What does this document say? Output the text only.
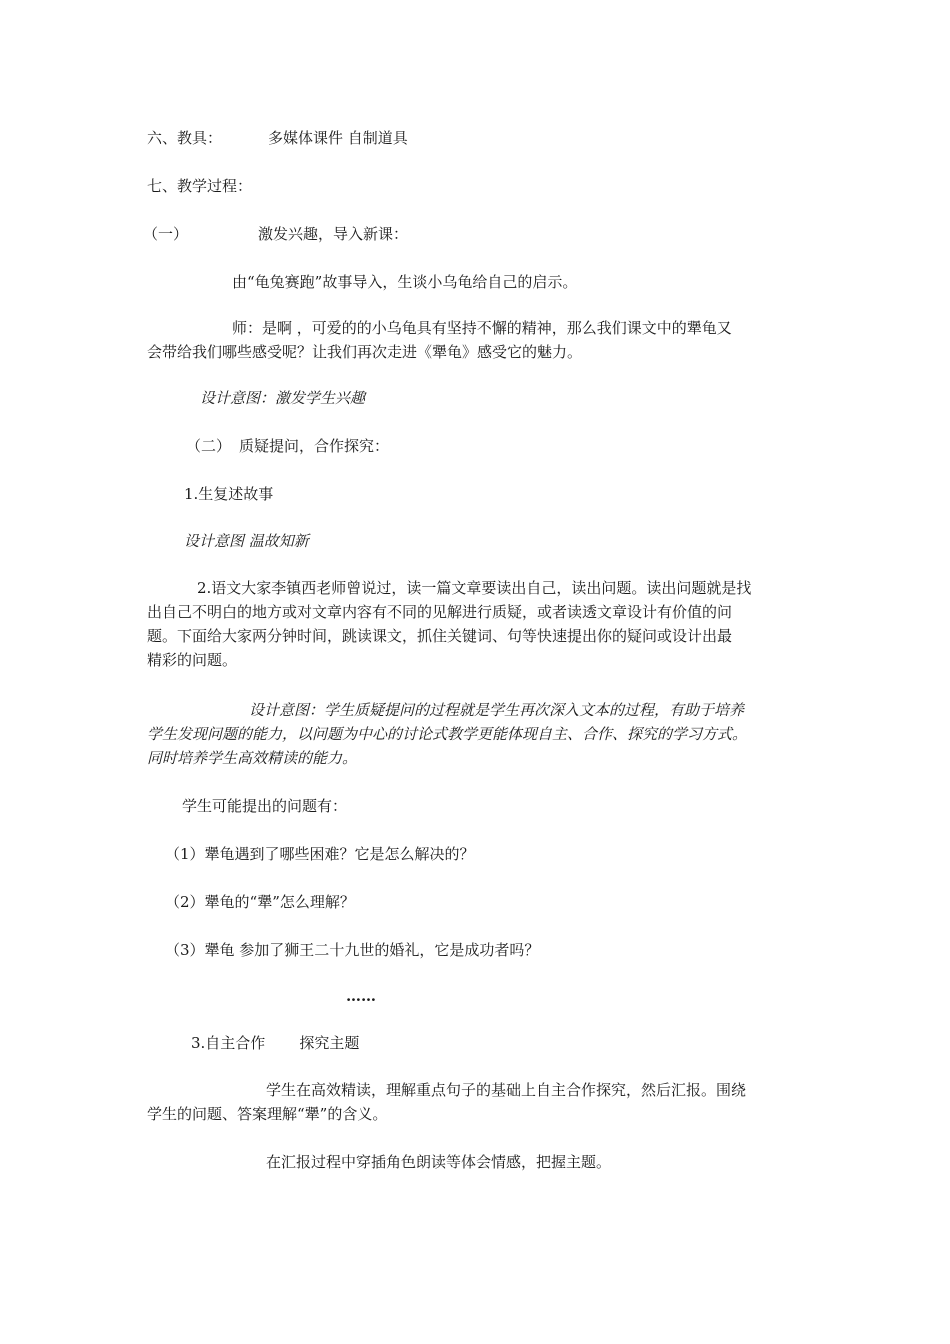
六、教具：	多媒体课件 自制道具
七、教学过程：
（一）	激发兴趣，导入新课：
由“龟兔赛跑”故事导入，生谈小乌龟给自己的启示。
师：是啊 ，可爱的的小乌龟具有坚持不懈的精神，那么我们课文中的犟龟又
会带给我们哪些感受呢？让我们再次走进《犟龟》感受它的魅力。
设计意图：激发学生兴趣
（二） 质疑提问，合作探究：
1.生复述故事
设计意图 温故知新
2.语文大家李镇西老师曾说过，读一篇文章要读出自己，读出问题。读出问题就是找
出自己不明白的地方或对文章内容有不同的见解进行质疑，或者读透文章设计有价值的问
题。下面给大家两分钟时间，跳读课文，抓住关键词、句等快速提出你的疑问或设计出最
精彩的问题。
设计意图：学生质疑提问的过程就是学生再次深入文本的过程，有助于培养
学生发现问题的能力，以问题为中心的讨论式教学更能体现自主、合作、探究的学习方式。
同时培养学生高效精读的能力。
学生可能提出的问题有：
（1）犟龟遇到了哪些困难？它是怎么解决的？
（2）犟龟的“犟”怎么理解？
（3）犟龟 参加了狮王二十九世的婚礼，它是成功者吗？
……
3.自主合作 探究主题
学生在高效精读，理解重点句子的基础上自主合作探究，然后汇报。围绕
学生的问题、答案理解“犟”的含义。
在汇报过程中穿插角色朗读等体会情感，把握主题。
